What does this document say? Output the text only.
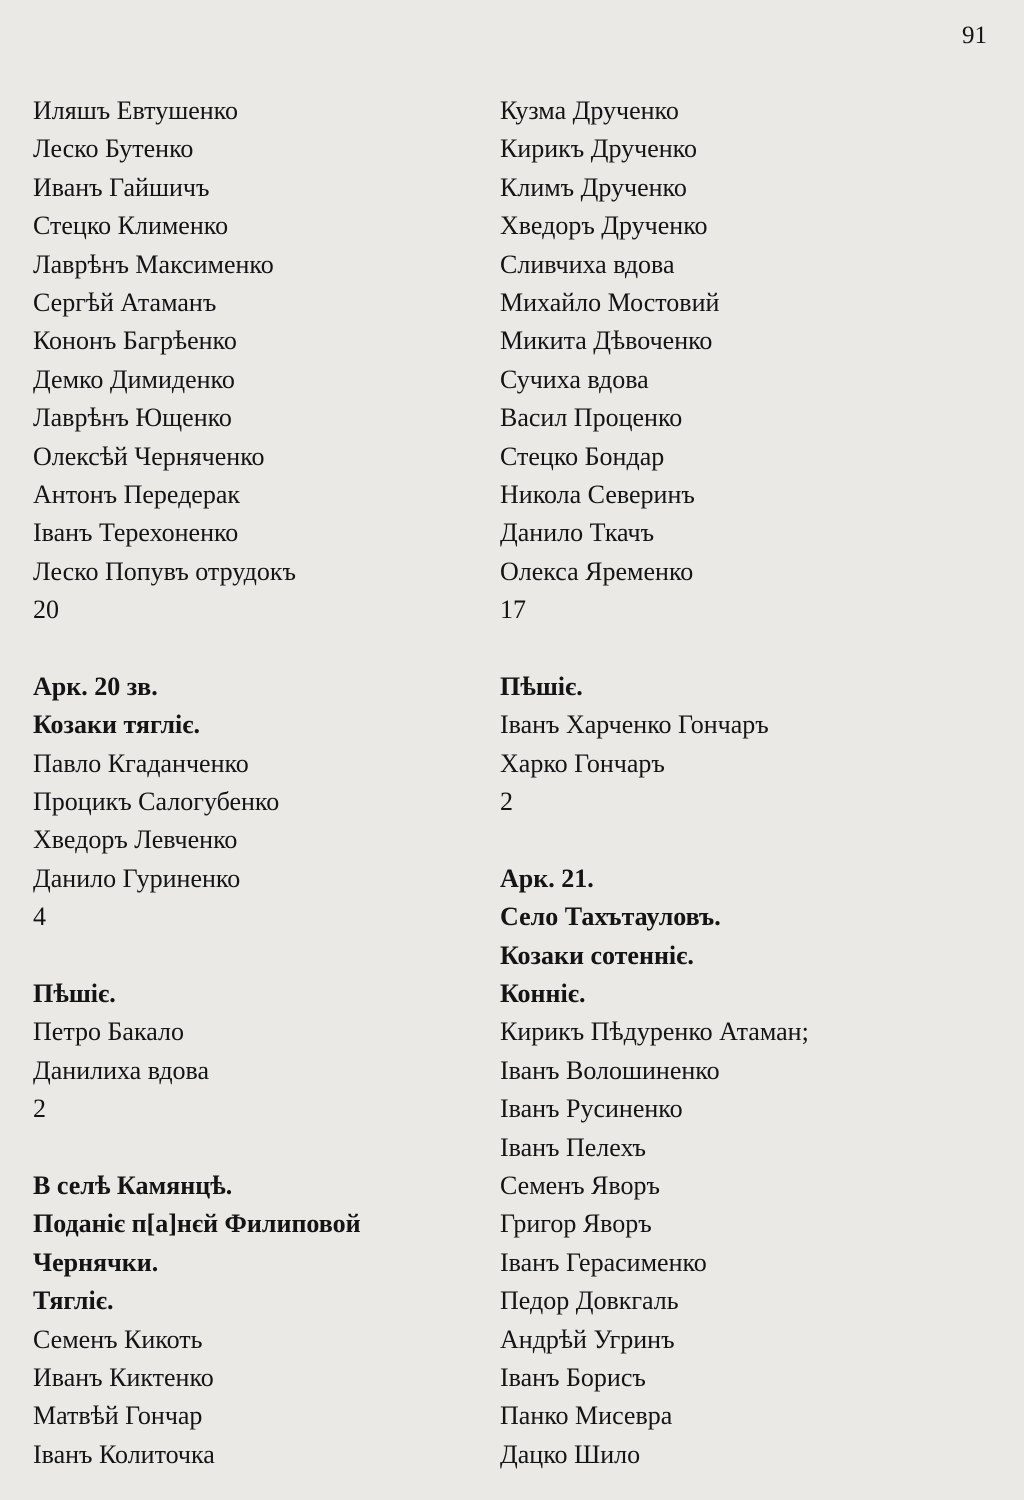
91
Иляшъ Евтушенко
Леско Бутенко
Иванъ Гайшичъ
Стецко Клименко
Лаврѣнъ Максименко
Сергѣй Атаманъ
Кононъ Багрѣенко
Демко Димиденко
Лаврѣнъ Ющенко
Олексѣй Черняченко
Антонъ Передерак
Іванъ Терехоненко
Леско Попувъ отрудокъ
20
Арк. 20 зв.
Козаки тягліє.
Павло Кгаданченко
Процикъ Салогубенко
Хведоръ Левченко
Данило Гуриненко
4
Пѣшіє.
Петро Бакало
Данилиха вдова
2
В селѣ Камянцѣ.
Поданіє п[а]нєй Филиповой
Чернячки.
Тягліє.
Семенъ Кикоть
Иванъ Киктенко
Матвѣй Гончар
Іванъ Колиточка
Кузма Друченко
Кирикъ Друченко
Климъ Друченко
Хведоръ Друченко
Сливчиха вдова
Михайло Мостовий
Микита Дѣвоченко
Сучиха вдова
Васил Проценко
Стецко Бондар
Никола Северинъ
Данило Ткачъ
Олекса Яременко
17
Пѣшіє.
Іванъ Харченко Гончаръ
Харко Гончаръ
2
Арк. 21.
Село Тахътауловъ.
Козаки сотенніє.
Конніє.
Кирикъ Пѣдуренко Атаман;
Іванъ Волошиненко
Іванъ Русиненко
Іванъ Пелехъ
Семенъ Яворъ
Григор Яворъ
Іванъ Герасименко
Педор Довкгаль
Андрѣй Угринъ
Іванъ Борисъ
Панко Мисевра
Дацко Шило
